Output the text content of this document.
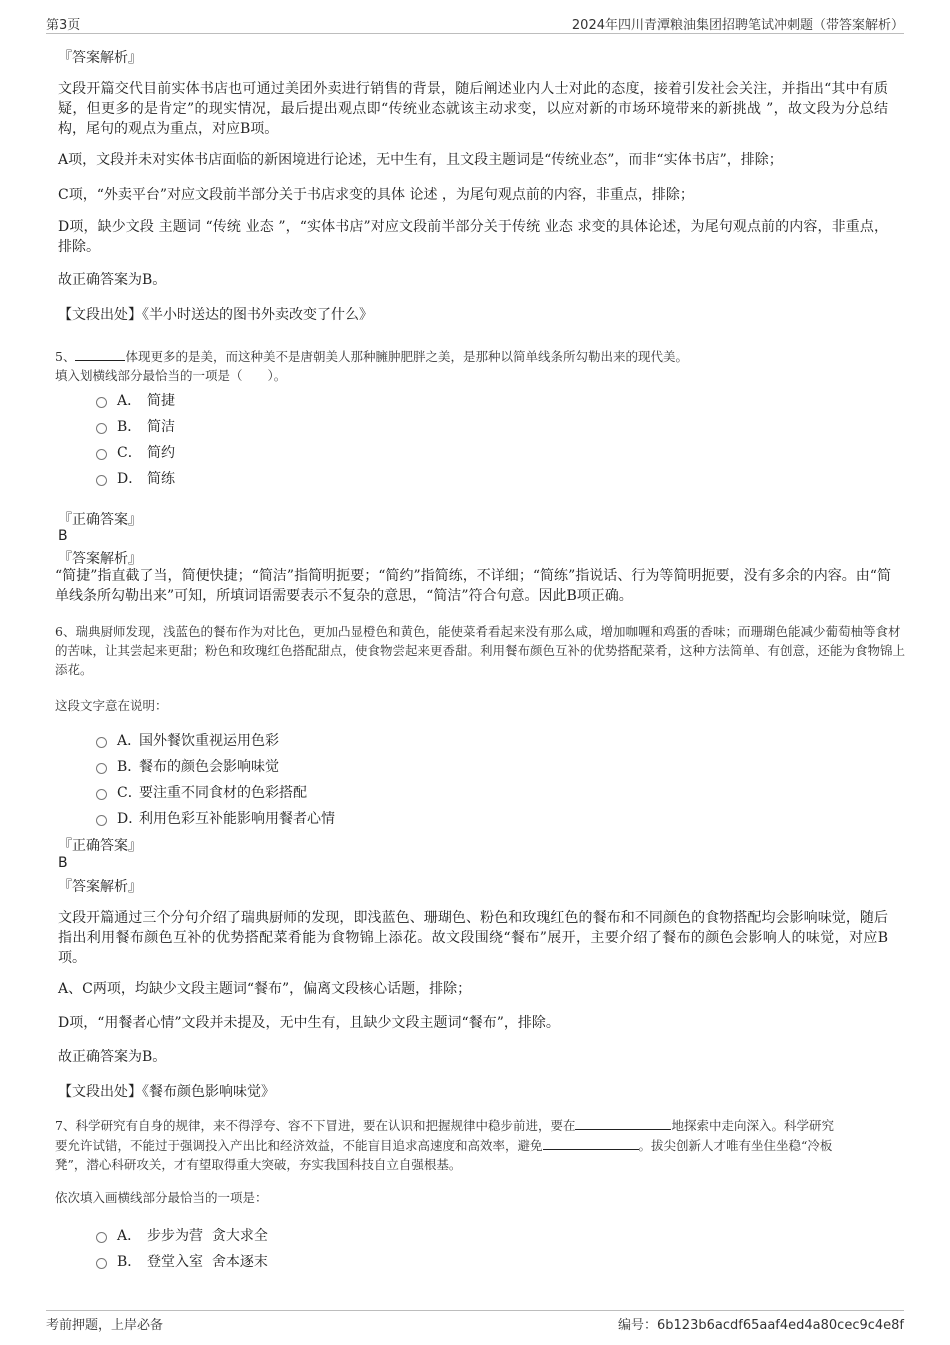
第3页	2024年四川青潭粮油集团招聘笔试冲刺题（带答案解析）
『答案解析』
文段开篇交代目前实体书店也可通过美团外卖进行销售的背景，随后阐述业内人士对此的态度，接着引发社会关注，并指出“其中有质疑，但更多的是肯定”的现实情况，最后提出观点即“传统业态就该主动求变，以应对新的市场环境带来的新挑战 ”，故文段为分总结构，尾句的观点为重点，对应B项。
A项，文段并未对实体书店面临的新困境进行论述，无中生有，且文段主题词是“传统业态”，而非“实体书店”，排除；
C项，“外卖平台”对应文段前半部分关于书店求变的具体 论述 ，为尾句观点前的内容，非重点，排除；
D项，缺少文段 主题词 “传统 业态 ”，“实体书店”对应文段前半部分关于传统 业态 求变的具体论述，为尾句观点前的内容，非重点，排除。
故正确答案为B。
【文段出处】《半小时送达的图书外卖改变了什么》
5、	体现更多的是美，而这种美不是唐朝美人那种臃肿肥胖之美，是那种以简单线条所勾勒出来的现代美。
填入划横线部分最恰当的一项是（　　）。
A． 简捷
B． 简洁
C． 简约
D． 简练
『正确答案』
B
『答案解析』
“简捷”指直截了当，简便快捷；“简洁”指简明扼要；“简约”指简练，不详细；“简练”指说话、行为等简明扼要，没有多余的内容。由“简单线条所勾勒出来”可知，所填词语需要表示不复杂的意思，“简洁”符合句意。因此B项正确。
6、瑞典厨师发现，浅蓝色的餐布作为对比色，更加凸显橙色和黄色，能使菜肴看起来没有那么咸，增加咖喱和鸡蛋的香味；而珊瑚色能减少葡萄柚等食材的苦味，让其尝起来更甜；粉色和玫瑰红色搭配甜点，使食物尝起来更香甜。利用餐布颜色互补的优势搭配菜肴，这种方法简单、有创意，还能为食物锦上添花。
这段文字意在说明：
A．
国外餐饮重视运用色彩
B．
餐布的颜色会影响味觉
C．
要注重不同食材的色彩搭配
D．
利用色彩互补能影响用餐者心情
『正确答案』
B
『答案解析』
文段开篇通过三个分句介绍了瑞典厨师的发现，即浅蓝色、珊瑚色、粉色和玫瑰红色的餐布和不同颜色的食物搭配均会影响味觉，随后指出利用餐布颜色互补的优势搭配菜肴能为食物锦上添花。故文段围绕“餐布”展开，主要介绍了餐布的颜色会影响人的味觉，对应B项。
A、C两项，均缺少文段主题词“餐布”，偏离文段核心话题，排除；
D项，“用餐者心情”文段并未提及，无中生有，且缺少文段主题词“餐布”，排除。
故正确答案为B。
【文段出处】《餐布颜色影响味觉》
7、科学研究有自身的规律，来不得浮夸、容不下冒进，要在认识和把握规律中稳步前进，要在	地探索中走向深入。科学研究
要允许试错，不能过于强调投入产出比和经济效益，不能盲目追求高速度和高效率，避免	。拔尖创新人才唯有坐住坐稳“冷板
凳”，潜心科研攻关，才有望取得重大突破，夯实我国科技自立自强根基。
依次填入画横线部分最恰当的一项是：
A． 步步为营  贪大求全
B． 登堂入室  舍本逐末
考前押题，上岸必备	编号：6b123b6acdf65aaf4ed4a80cec9c4e8f
